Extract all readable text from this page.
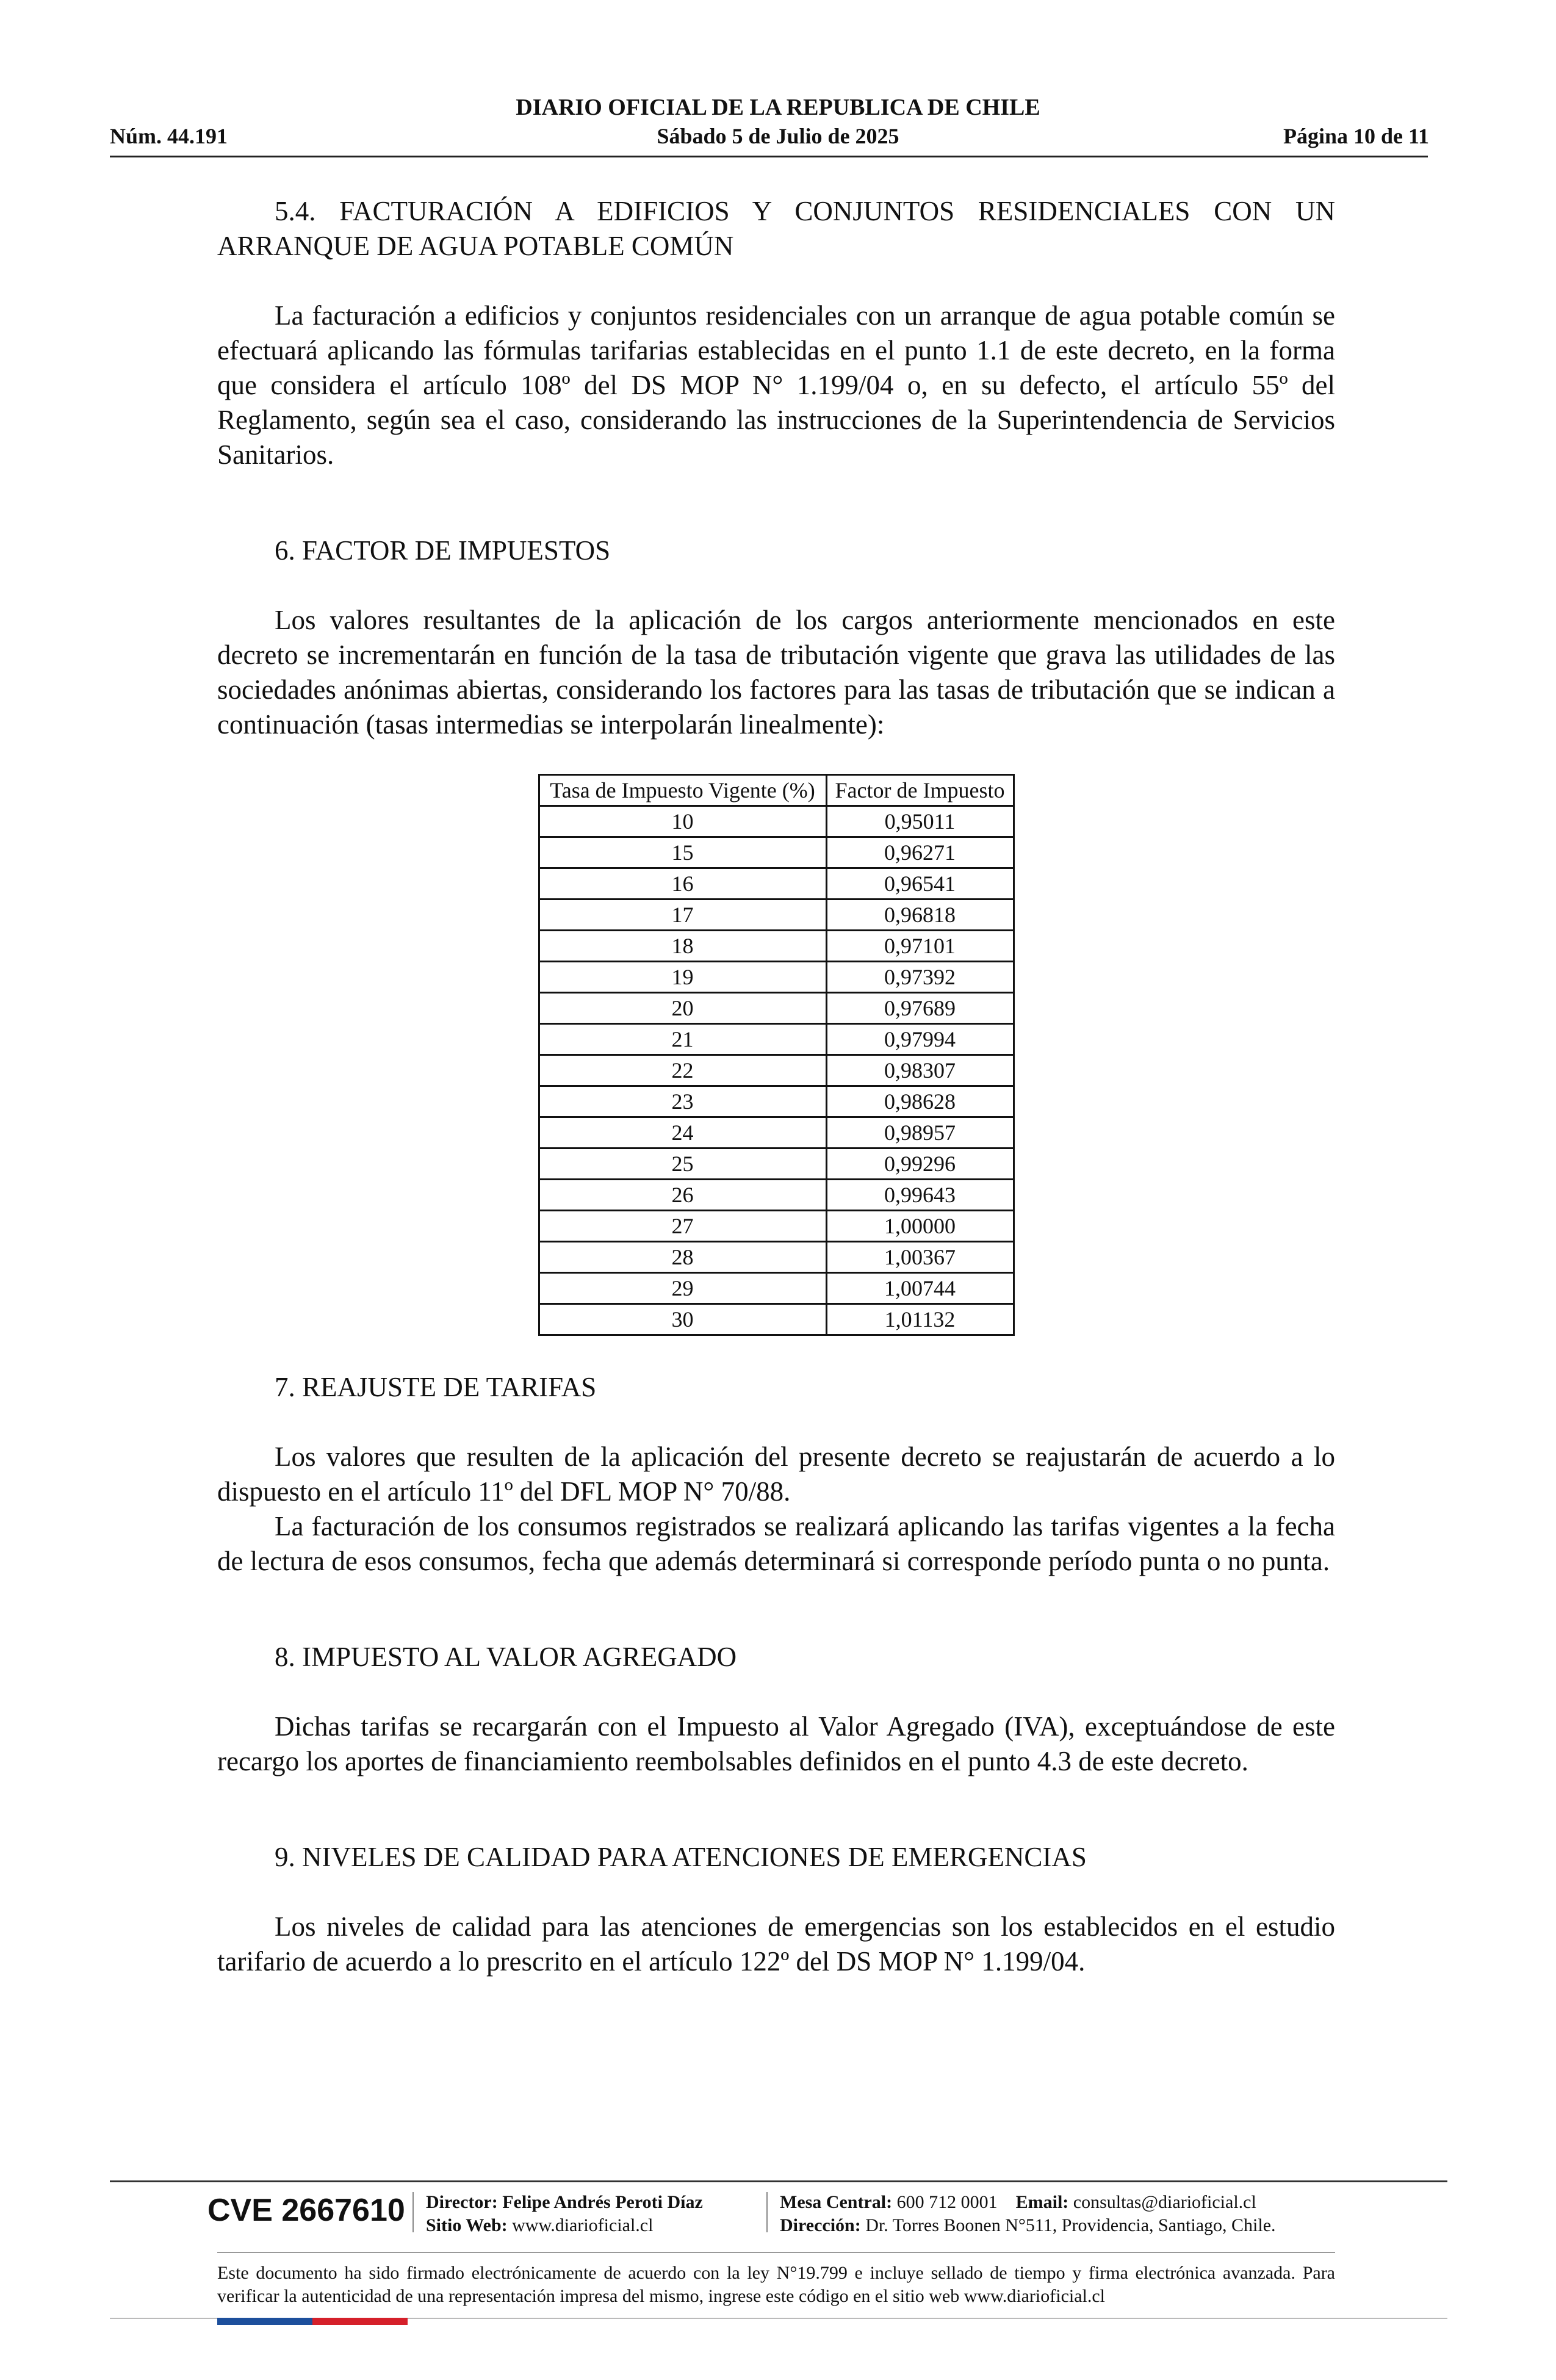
DIARIO OFICIAL DE LA REPUBLICA DE CHILE
Núm. 44.191	Sábado 5 de Julio de 2025	Página 10 de 11

5.4. FACTURACIÓN A EDIFICIOS Y CONJUNTOS RESIDENCIALES CON UN

ARRANQUE DE AGUA POTABLE COMÚN

La facturación a edificios y conjuntos residenciales con un arranque de agua potable común se efectuará aplicando las fórmulas tarifarias establecidas en el punto 1.1 de este decreto, en la forma que considera el artículo 108º del DS MOP N° 1.199/04 o, en su defecto, el artículo 55º del Reglamento, según sea el caso, considerando las instrucciones de la Superintendencia de Servicios Sanitarios.

6. FACTOR DE IMPUESTOS

Los valores resultantes de la aplicación de los cargos anteriormente mencionados en este decreto se incrementarán en función de la tasa de tributación vigente que grava las utilidades de las sociedades anónimas abiertas, considerando los factores para las tasas de tributación que se indican a continuación (tasas intermedias se interpolarán linealmente):

Tasa de Impuesto Vigente (%)	Factor de Impuesto
10	0,95011
15	0,96271
16	0,96541
17	0,96818
18	0,97101
19	0,97392
20	0,97689
21	0,97994
22	0,98307
23	0,98628
24	0,98957
25	0,99296
26	0,99643
27	1,00000
28	1,00367
29	1,00744
30	1,01132

7. REAJUSTE DE TARIFAS

Los valores que resulten de la aplicación del presente decreto se reajustarán de acuerdo a lo dispuesto en el artículo 11º del DFL MOP N° 70/88.

La facturación de los consumos registrados se realizará aplicando las tarifas vigentes a la fecha de lectura de esos consumos, fecha que además determinará si corresponde período punta o no punta.

8. IMPUESTO AL VALOR AGREGADO

Dichas tarifas se recargarán con el Impuesto al Valor Agregado (IVA), exceptuándose de este recargo los aportes de financiamiento reembolsables definidos en el punto 4.3 de este decreto.

9. NIVELES DE CALIDAD PARA ATENCIONES DE EMERGENCIAS

Los niveles de calidad para las atenciones de emergencias son los establecidos en el estudio tarifario de acuerdo a lo prescrito en el artículo 122º del DS MOP N° 1.199/04.

CVE 2667610 Director: Felipe Andrés Peroti Díaz
Sitio Web: www.diarioficial.cl
Mesa Central: 600 712 0001 Email: consultas@diarioficial.cl
Dirección: Dr. Torres Boonen N°511, Providencia, Santiago, Chile.
Este documento ha sido firmado electrónicamente de acuerdo con la ley N°19.799 e incluye sellado de tiempo y firma electrónica avanzada. Para verificar la autenticidad de una representación impresa del mismo, ingrese este código en el sitio web www.diarioficial.cl
